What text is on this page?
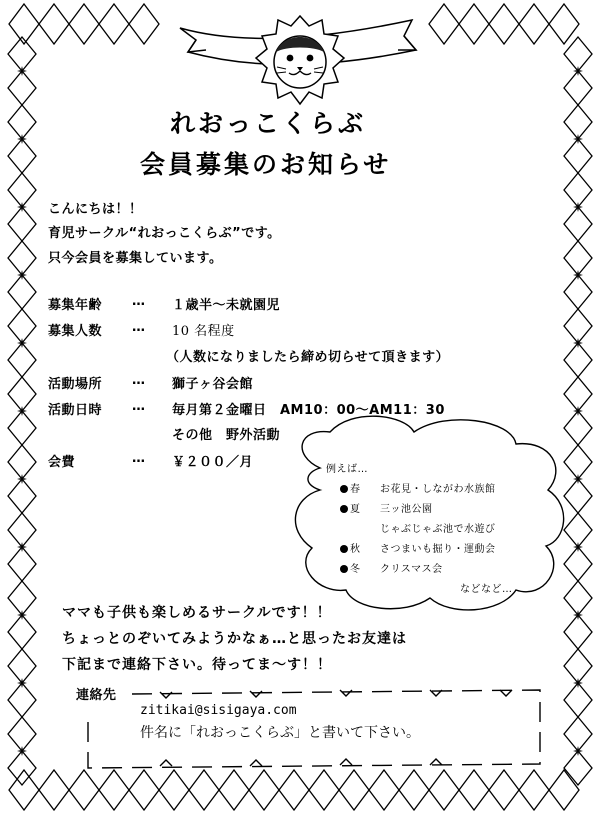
れおっこくらぶ
会員募集のお知らせ
こんにちは！！
育児サークル“れおっこくらぶ”です。
只今会員を募集しています。
募集年齢 … １歳半～未就園児
募集人数 … 10 名程度
（人数になりましたら締め切らせて頂きます）
活動場所 … 獅子ヶ谷会館
活動日時 … 毎月第２金曜日　AM10：00～AM11：30
その他　野外活動
会費	… ￥２００／月	例えば…
春 お花見・しながわ水族館
夏 三ッ池公園
じゃぶじゃぶ池で水遊び
秋 さつまいも掘り・運動会
冬 クリスマス会
などなど…
ママも子供も楽しめるサークルです！！
ちょっとのぞいてみようかなぁ…と思ったお友達は
下記まで連絡下さい。待ってま～す！！
連絡先
zitikai@sisigaya.com
件名に「れおっこくらぶ」と書いて下さい。
